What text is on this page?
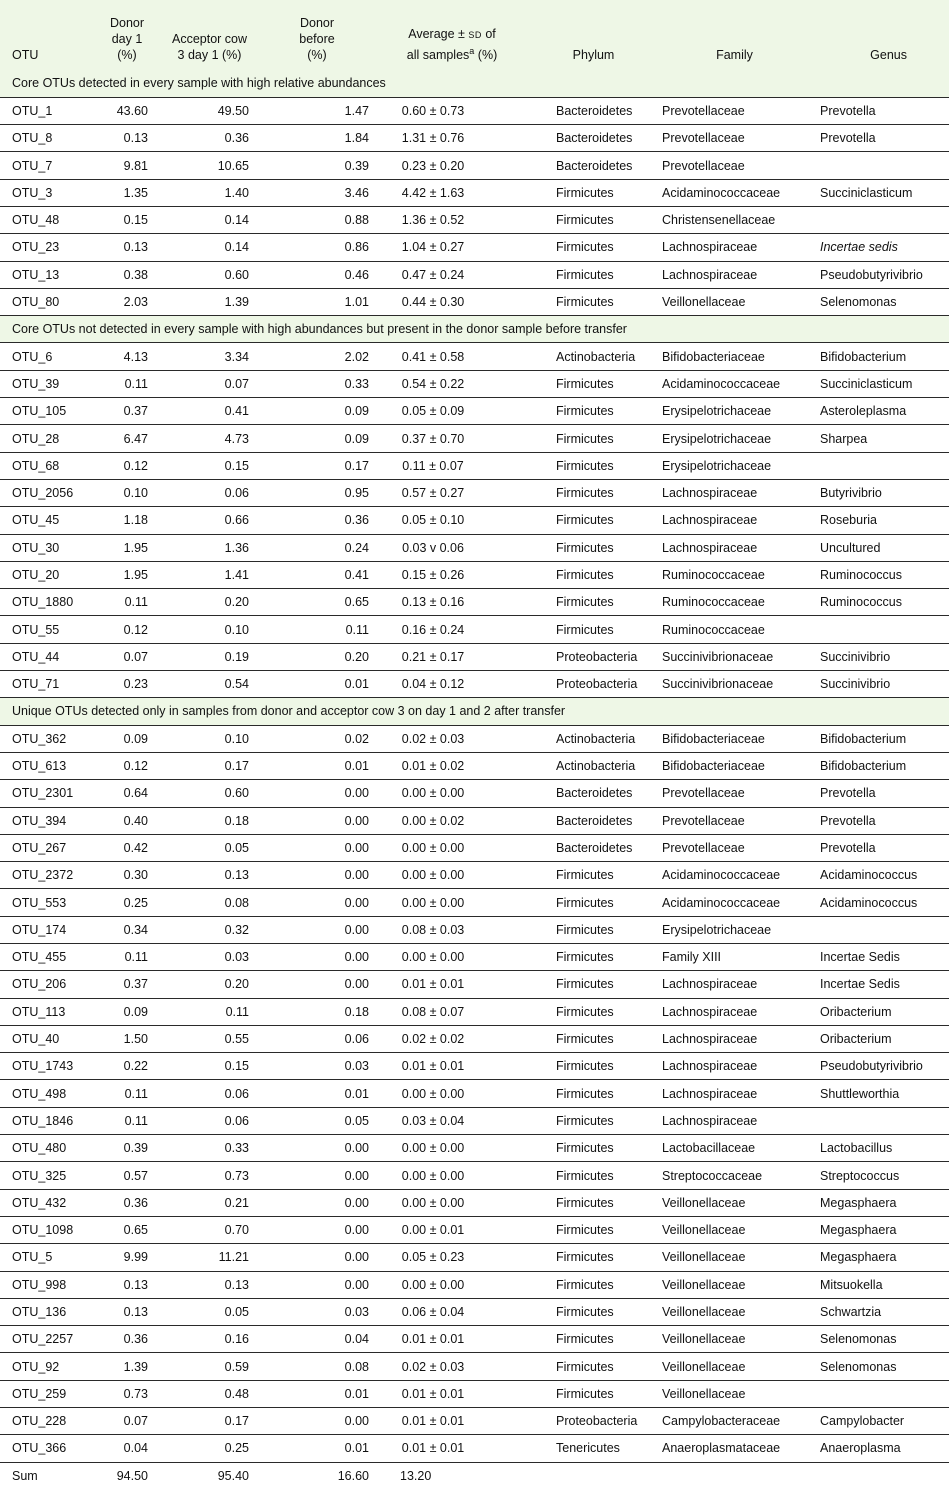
OTU	Donor
day 1
(%)	Acceptor cow
3 day 1 (%)	Donor
before
(%)	Average ± SD of
all samples$^a$ (%)	Phylum	Family	Genus
Core OTUs detected in every sample with high relative abundances							
OTU_1	43.60	49.50	1.47	0.60 ± 0.73	Bacteroidetes	Prevotellaceae	Prevotella
OTU_8	0.13	0.36	1.84	1.31 ± 0.76	Bacteroidetes	Prevotellaceae	Prevotella
OTU_7	9.81	10.65	0.39	0.23 ± 0.20	Bacteroidetes	Prevotellaceae	
OTU_3	1.35	1.40	3.46	4.42 ± 1.63	Firmicutes	Acidaminococcaceae	Succiniclasticum
OTU_48	0.15	0.14	0.88	1.36 ± 0.52	Firmicutes	Christensenellaceae	
OTU_23	0.13	0.14	0.86	1.04 ± 0.27	Firmicutes	Lachnospiraceae	Incertae sedis
OTU_13	0.38	0.60	0.46	0.47 ± 0.24	Firmicutes	Lachnospiraceae	Pseudobutyrivibrio
OTU_80	2.03	1.39	1.01	0.44 ± 0.30	Firmicutes	Veillonellaceae	Selenomonas
Core OTUs not detected in every sample with high abundances but present in the donor sample before transfer							
OTU_6	4.13	3.34	2.02	0.41 ± 0.58	Actinobacteria	Bifidobacteriaceae	Bifidobacterium
OTU_39	0.11	0.07	0.33	0.54 ± 0.22	Firmicutes	Acidaminococcaceae	Succiniclasticum
OTU_105	0.37	0.41	0.09	0.05 ± 0.09	Firmicutes	Erysipelotrichaceae	Asteroleplasma
OTU_28	6.47	4.73	0.09	0.37 ± 0.70	Firmicutes	Erysipelotrichaceae	Sharpea
OTU_68	0.12	0.15	0.17	0.11 ± 0.07	Firmicutes	Erysipelotrichaceae	
OTU_2056	0.10	0.06	0.95	0.57 ± 0.27	Firmicutes	Lachnospiraceae	Butyrivibrio
OTU_45	1.18	0.66	0.36	0.05 ± 0.10	Firmicutes	Lachnospiraceae	Roseburia
OTU_30	1.95	1.36	0.24	0.03 v 0.06	Firmicutes	Lachnospiraceae	Uncultured
OTU_20	1.95	1.41	0.41	0.15 ± 0.26	Firmicutes	Ruminococcaceae	Ruminococcus
OTU_1880	0.11	0.20	0.65	0.13 ± 0.16	Firmicutes	Ruminococcaceae	Ruminococcus
OTU_55	0.12	0.10	0.11	0.16 ± 0.24	Firmicutes	Ruminococcaceae	
OTU_44	0.07	0.19	0.20	0.21 ± 0.17	Proteobacteria	Succinivibrionaceae	Succinivibrio
OTU_71	0.23	0.54	0.01	0.04 ± 0.12	Proteobacteria	Succinivibrionaceae	Succinivibrio
Unique OTUs detected only in samples from donor and acceptor cow 3 on day 1 and 2 after transfer							
OTU_362	0.09	0.10	0.02	0.02 ± 0.03	Actinobacteria	Bifidobacteriaceae	Bifidobacterium
OTU_613	0.12	0.17	0.01	0.01 ± 0.02	Actinobacteria	Bifidobacteriaceae	Bifidobacterium
OTU_2301	0.64	0.60	0.00	0.00 ± 0.00	Bacteroidetes	Prevotellaceae	Prevotella
OTU_394	0.40	0.18	0.00	0.00 ± 0.02	Bacteroidetes	Prevotellaceae	Prevotella
OTU_267	0.42	0.05	0.00	0.00 ± 0.00	Bacteroidetes	Prevotellaceae	Prevotella
OTU_2372	0.30	0.13	0.00	0.00 ± 0.00	Firmicutes	Acidaminococcaceae	Acidaminococcus
OTU_553	0.25	0.08	0.00	0.00 ± 0.00	Firmicutes	Acidaminococcaceae	Acidaminococcus
OTU_174	0.34	0.32	0.00	0.08 ± 0.03	Firmicutes	Erysipelotrichaceae	
OTU_455	0.11	0.03	0.00	0.00 ± 0.00	Firmicutes	Family XIII	Incertae Sedis
OTU_206	0.37	0.20	0.00	0.01 ± 0.01	Firmicutes	Lachnospiraceae	Incertae Sedis
OTU_113	0.09	0.11	0.18	0.08 ± 0.07	Firmicutes	Lachnospiraceae	Oribacterium
OTU_40	1.50	0.55	0.06	0.02 ± 0.02	Firmicutes	Lachnospiraceae	Oribacterium
OTU_1743	0.22	0.15	0.03	0.01 ± 0.01	Firmicutes	Lachnospiraceae	Pseudobutyrivibrio
OTU_498	0.11	0.06	0.01	0.00 ± 0.00	Firmicutes	Lachnospiraceae	Shuttleworthia
OTU_1846	0.11	0.06	0.05	0.03 ± 0.04	Firmicutes	Lachnospiraceae	
OTU_480	0.39	0.33	0.00	0.00 ± 0.00	Firmicutes	Lactobacillaceae	Lactobacillus
OTU_325	0.57	0.73	0.00	0.00 ± 0.00	Firmicutes	Streptococcaceae	Streptococcus
OTU_432	0.36	0.21	0.00	0.00 ± 0.00	Firmicutes	Veillonellaceae	Megasphaera
OTU_1098	0.65	0.70	0.00	0.00 ± 0.01	Firmicutes	Veillonellaceae	Megasphaera
OTU_5	9.99	11.21	0.00	0.05 ± 0.23	Firmicutes	Veillonellaceae	Megasphaera
OTU_998	0.13	0.13	0.00	0.00 ± 0.00	Firmicutes	Veillonellaceae	Mitsuokella
OTU_136	0.13	0.05	0.03	0.06 ± 0.04	Firmicutes	Veillonellaceae	Schwartzia
OTU_2257	0.36	0.16	0.04	0.01 ± 0.01	Firmicutes	Veillonellaceae	Selenomonas
OTU_92	1.39	0.59	0.08	0.02 ± 0.03	Firmicutes	Veillonellaceae	Selenomonas
OTU_259	0.73	0.48	0.01	0.01 ± 0.01	Firmicutes	Veillonellaceae	
OTU_228	0.07	0.17	0.00	0.01 ± 0.01	Proteobacteria	Campylobacteraceae	Campylobacter
OTU_366	0.04	0.25	0.01	0.01 ± 0.01	Tenericutes	Anaeroplasmataceae	Anaeroplasma
Sum	94.50	95.40	16.60	13.20			
